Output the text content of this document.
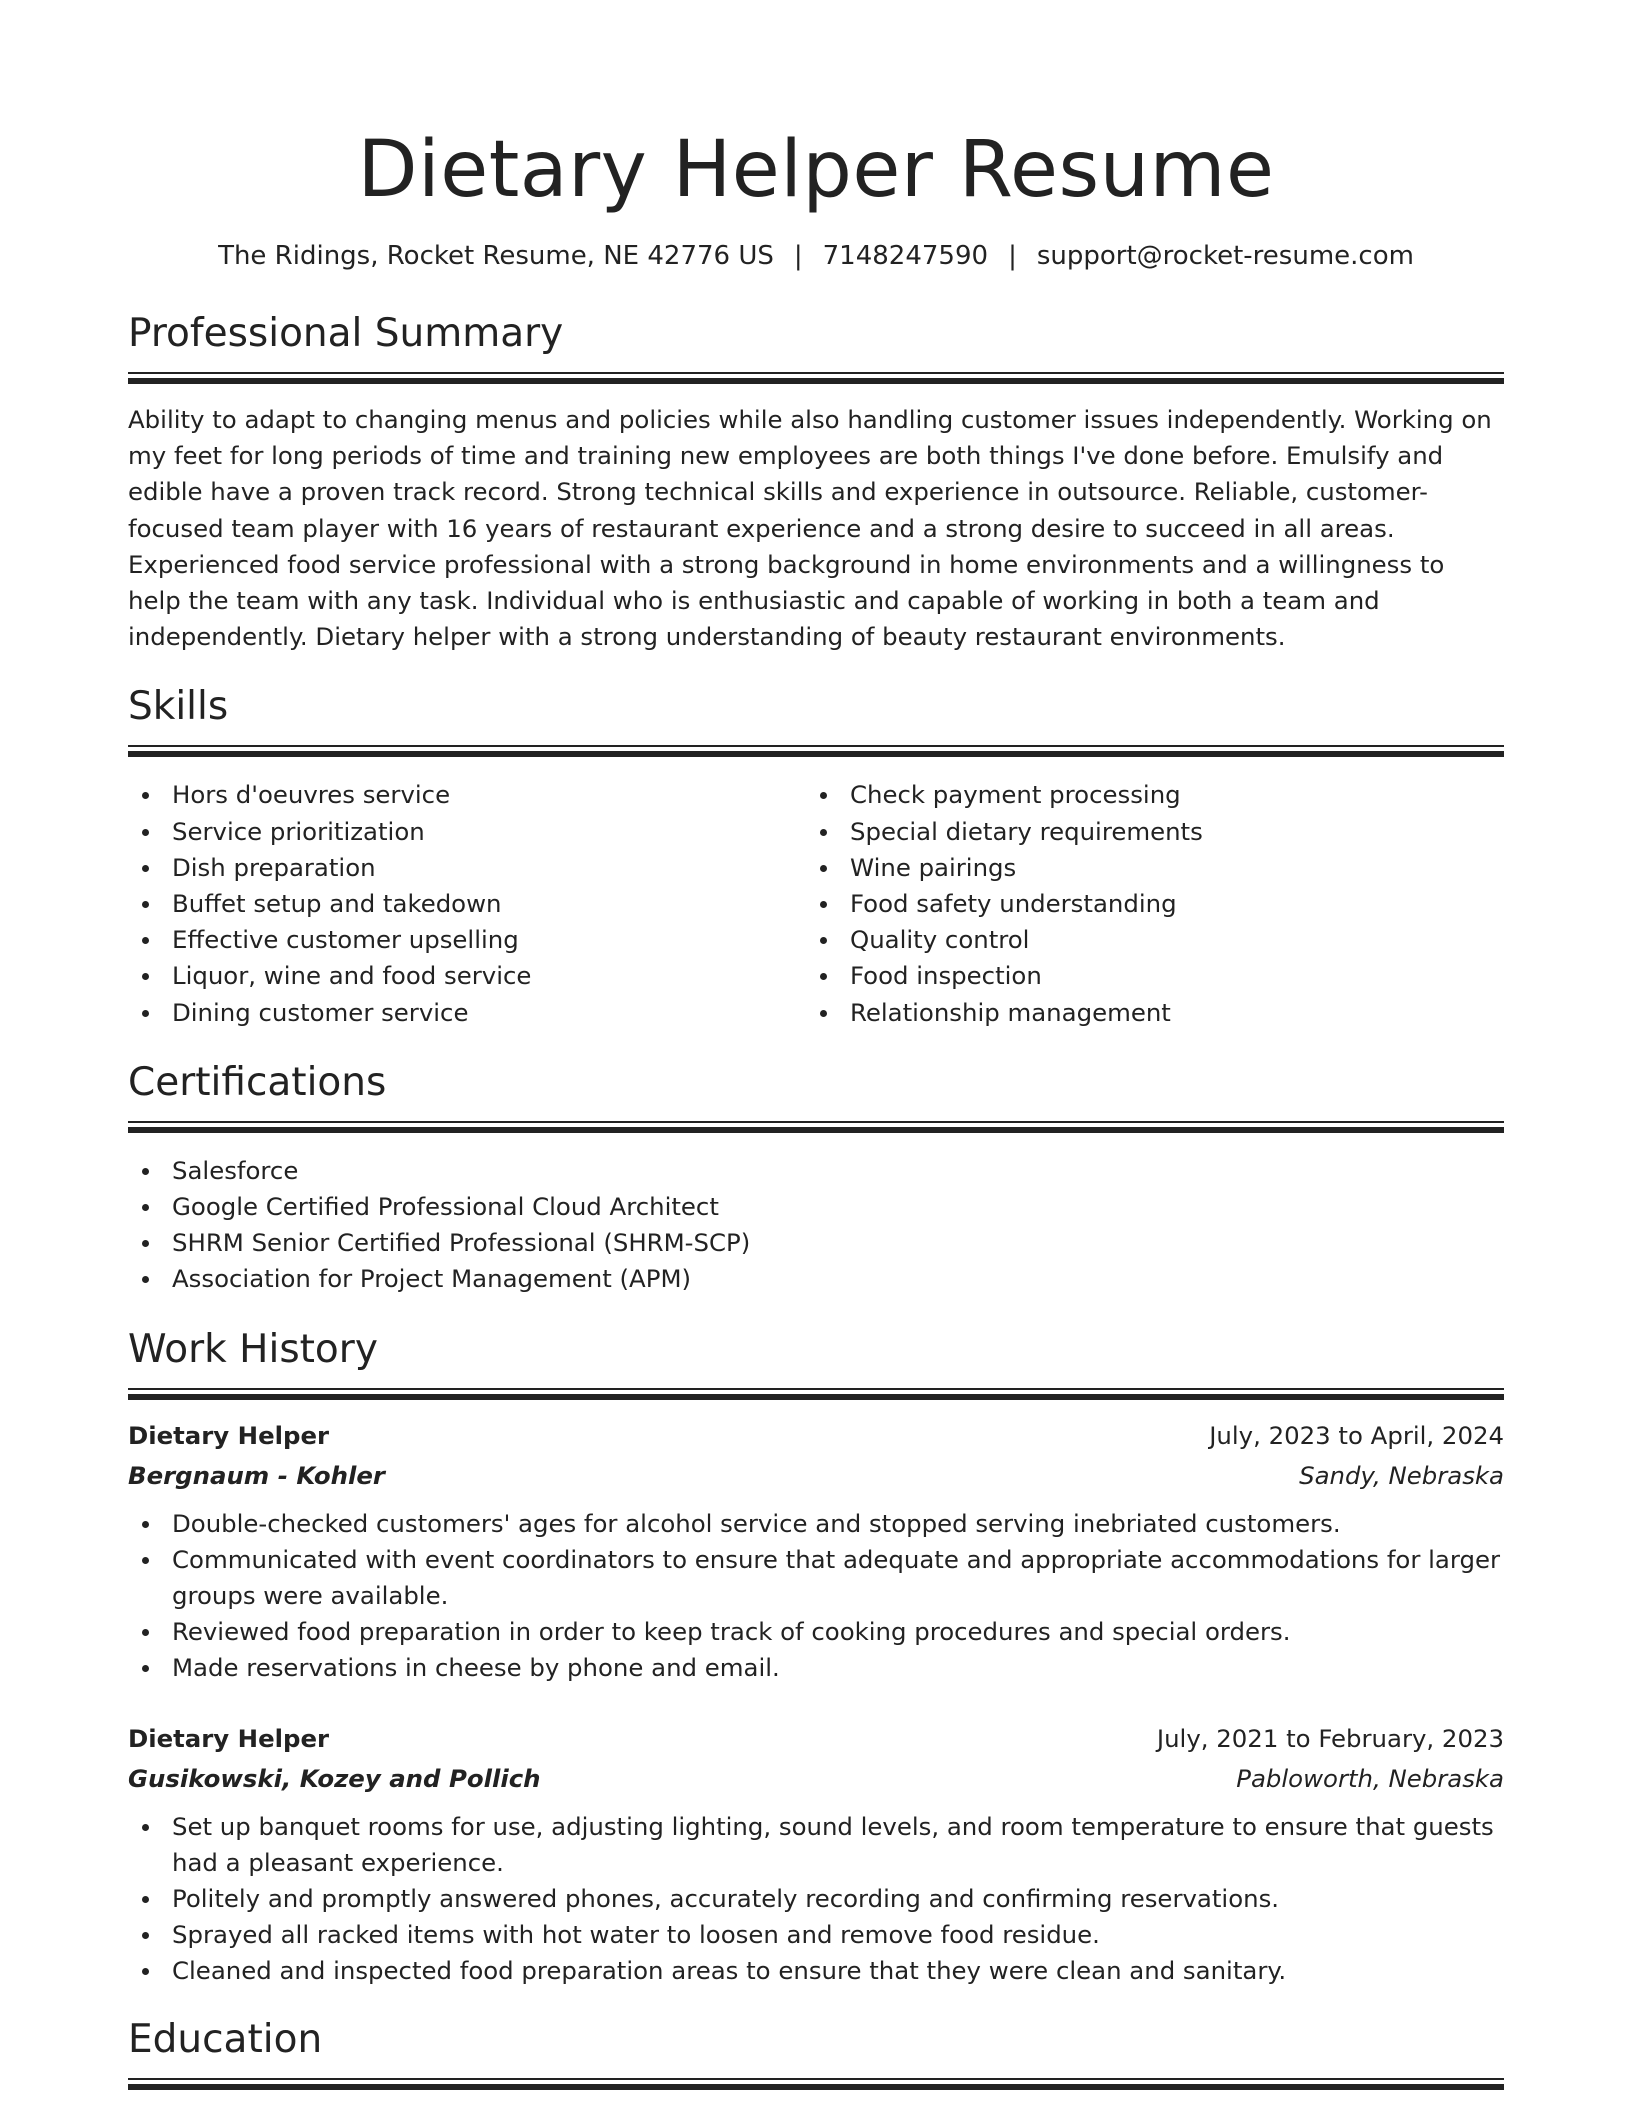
Dietary Helper Resume
The Ridings, Rocket Resume, NE 42776 US | 7148247590 | support@rocket-resume.com
Professional Summary

Ability to adapt to changing menus and policies while also handling customer issues independently. Working on my feet for long periods of time and training new employees are both things I've done before. Emulsify and edible have a proven track record. Strong technical skills and experience in outsource. Reliable, customer-focused team player with 16 years of restaurant experience and a strong desire to succeed in all areas. Experienced food service professional with a strong background in home environments and a willingness to help the team with any task. Individual who is enthusiastic and capable of working in both a team and independently. Dietary helper with a strong understanding of beauty restaurant environments.

Skills
Hors d'oeuvres service
Service prioritization
Dish preparation
Buffet setup and takedown
Effective customer upselling
Liquor, wine and food service
Dining customer service
Check payment processing
Special dietary requirements
Wine pairings
Food safety understanding
Quality control
Food inspection
Relationship management
Certifications
Salesforce
Google Certified Professional Cloud Architect
SHRM Senior Certified Professional (SHRM-SCP)
Association for Project Management (APM)
Work History
Dietary Helper	July, 2023 to April, 2024
Bergnaum - Kohler	Sandy, Nebraska
Double-checked customers' ages for alcohol service and stopped serving inebriated customers.
Communicated with event coordinators to ensure that adequate and appropriate accommodations for larger groups were available.
Reviewed food preparation in order to keep track of cooking procedures and special orders.
Made reservations in cheese by phone and email.
Dietary Helper	July, 2021 to February, 2023
Gusikowski, Kozey and Pollich	Pabloworth, Nebraska
Set up banquet rooms for use, adjusting lighting, sound levels, and room temperature to ensure that guests had a pleasant experience.
Politely and promptly answered phones, accurately recording and confirming reservations.
Sprayed all racked items with hot water to loosen and remove food residue.
Cleaned and inspected food preparation areas to ensure that they were clean and sanitary.
Education
